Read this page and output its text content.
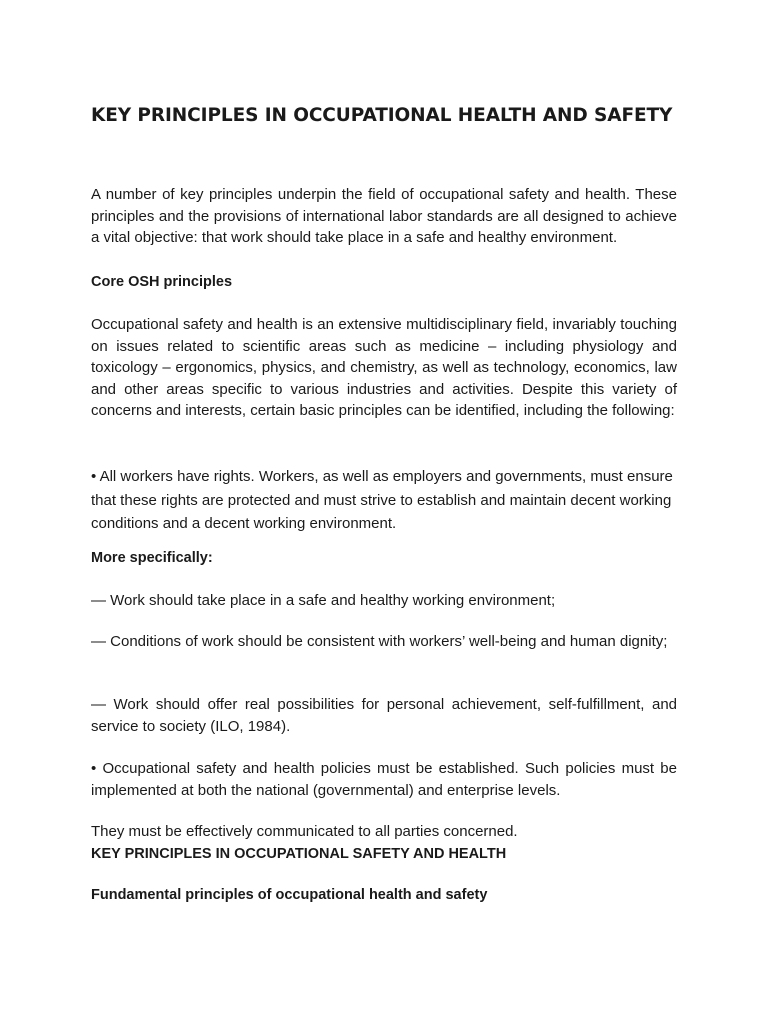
KEY PRINCIPLES IN OCCUPATIONAL HEALTH AND SAFETY

A number of key principles underpin the field of occupational safety and health. These principles and the provisions of international labor standards are all designed to achieve a vital objective: that work should take place in a safe and healthy environment.

Core OSH principles

Occupational safety and health is an extensive multidisciplinary field, invariably touching on issues related to scientific areas such as medicine – including physiology and toxicology – ergonomics, physics, and chemistry, as well as technology, economics, law and other areas specific to various industries and activities. Despite this variety of concerns and interests, certain basic principles can be identified, including the following:

• All workers have rights. Workers, as well as employers and governments, must ensure that these rights are protected and must strive to establish and maintain decent working conditions and a decent working environment.

More specifically:

— Work should take place in a safe and healthy working environment;

— Conditions of work should be consistent with workers’ well-being and human dignity;

— Work should offer real possibilities for personal achievement, self-fulfillment, and service to society (ILO, 1984).

• Occupational safety and health policies must be established. Such policies must be implemented at both the national (governmental) and enterprise levels.

They must be effectively communicated to all parties concerned.

KEY PRINCIPLES IN OCCUPATIONAL SAFETY AND HEALTH

Fundamental principles of occupational health and safety
